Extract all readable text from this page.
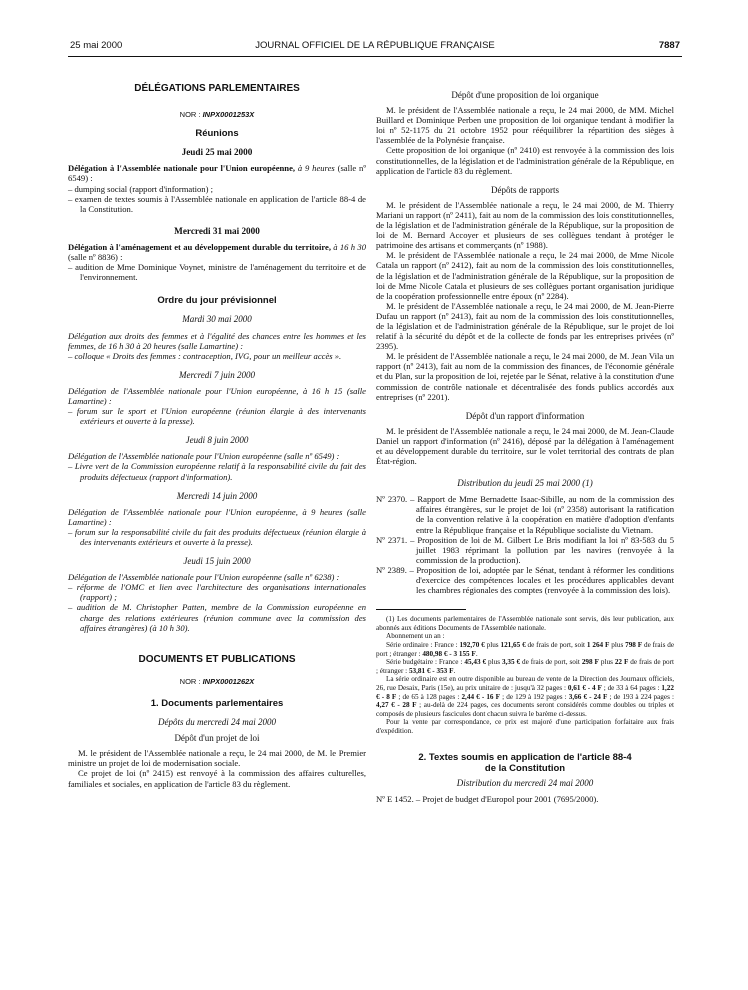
25 mai 2000	JOURNAL OFFICIEL DE LA RÉPUBLIQUE FRANÇAISE	7887
DÉLÉGATIONS PARLEMENTAIRES
NOR : INPX0001253X
Réunions
Jeudi 25 mai 2000

Délégation à l'Assemblée nationale pour l'Union européenne, à 9 heures (salle nº 6549) :

– dumping social (rapport d'information) ;

– examen de textes soumis à l'Assemblée nationale en application de l'article 88-4 de la Constitution.

Mercredi 31 mai 2000

Délégation à l'aménagement et au développement durable du territoire, à 16 h 30 (salle nº 8836) :

– audition de Mme Dominique Voynet, ministre de l'aménagement du territoire et de l'environnement.

Ordre du jour prévisionnel
Mardi 30 mai 2000

Délégation aux droits des femmes et à l'égalité des chances entre les hommes et les femmes, de 16 h 30 à 20 heures (salle Lamartine) :

– colloque « Droits des femmes : contraception, IVG, pour un meilleur accès ».

Mercredi 7 juin 2000

Délégation de l'Assemblée nationale pour l'Union européenne, à 16 h 15 (salle Lamartine) :

– forum sur le sport et l'Union européenne (réunion élargie à des intervenants extérieurs et ouverte à la presse).

Jeudi 8 juin 2000

Délégation de l'Assemblée nationale pour l'Union européenne (salle nº 6549) :

– Livre vert de la Commission européenne relatif à la responsabilité civile du fait des produits défectueux (rapport d'information).

Mercredi 14 juin 2000

Délégation de l'Assemblée nationale pour l'Union européenne, à 9 heures (salle Lamartine) :

– forum sur la responsabilité civile du fait des produits défectueux (réunion élargie à des intervenants extérieurs et ouverte à la presse).

Jeudi 15 juin 2000

Délégation de l'Assemblée nationale pour l'Union européenne (salle nº 6238) :

– réforme de l'OMC et lien avec l'architecture des organisations internationales (rapport) ;

– audition de M. Christopher Patten, membre de la Commission européenne en charge des relations extérieures (réunion commune avec la commission des affaires étrangères) (à 10 h 30).

DOCUMENTS ET PUBLICATIONS
NOR : INPX0001262X
1. Documents parlementaires
Dépôts du mercredi 24 mai 2000
Dépôt d'un projet de loi

M. le président de l'Assemblée nationale a reçu, le 24 mai 2000, de M. le Premier ministre un projet de loi de modernisation sociale.

Ce projet de loi (nº 2415) est renvoyé à la commission des affaires culturelles, familiales et sociales, en application de l'article 83 du règlement.

Dépôt d'une proposition de loi organique

M. le président de l'Assemblée nationale a reçu, le 24 mai 2000, de MM. Michel Buillard et Dominique Perben une proposition de loi organique tendant à modifier la loi nº 52-1175 du 21 octobre 1952 pour rééquilibrer la répartition des sièges à l'assemblée de la Polynésie française.

Cette proposition de loi organique (nº 2410) est renvoyée à la commission des lois constitutionnelles, de la législation et de l'administration générale de la République, en application de l'article 83 du règlement.

Dépôts de rapports

M. le président de l'Assemblée nationale a reçu, le 24 mai 2000, de M. Thierry Mariani un rapport (nº 2411), fait au nom de la commission des lois constitutionnelles, de la législation et de l'administration générale de la République, sur la proposition de loi de M. Bernard Accoyer et plusieurs de ses collègues tendant à protéger le patrimoine des artisans et commerçants (nº 1988).

M. le président de l'Assemblée nationale a reçu, le 24 mai 2000, de Mme Nicole Catala un rapport (nº 2412), fait au nom de la commission des lois constitutionnelles, de la législation et de l'administration générale de la République, sur la proposition de loi de Mme Nicole Catala et plusieurs de ses collègues portant organisation juridique de la coopération professionnelle entre époux (nº 2284).

M. le président de l'Assemblée nationale a reçu, le 24 mai 2000, de M. Jean-Pierre Dufau un rapport (nº 2413), fait au nom de la commission des lois constitutionnelles, de la législation et de l'administration générale de la République, sur le projet de loi relatif à la sécurité du dépôt et de la collecte de fonds par les entreprises privées (nº 2395).

M. le président de l'Assemblée nationale a reçu, le 24 mai 2000, de M. Jean Vila un rapport (nº 2413), fait au nom de la commission des finances, de l'économie générale et du Plan, sur la proposition de loi, rejetée par le Sénat, relative à la constitution d'une commission de contrôle nationale et décentralisée des fonds publics accordés aux entreprises (nº 2201).

Dépôt d'un rapport d'information

M. le président de l'Assemblée nationale a reçu, le 24 mai 2000, de M. Jean-Claude Daniel un rapport d'information (nº 2416), déposé par la délégation à l'aménagement et au développement durable du territoire, sur le volet territorial des contrats de plan État-région.

Distribution du jeudi 25 mai 2000 (1)

Nº 2370. – Rapport de Mme Bernadette Isaac-Sibille, au nom de la commission des affaires étrangères, sur le projet de loi (nº 2358) autorisant la ratification de la convention relative à la coopération en matière d'adoption d'enfants entre la République française et la République socialiste du Vietnam.

Nº 2371. – Proposition de loi de M. Gilbert Le Bris modifiant la loi nº 83-583 du 5 juillet 1983 réprimant la pollution par les navires (renvoyée à la commission de la production).

Nº 2389. – Proposition de loi, adoptée par le Sénat, tendant à réformer les conditions d'exercice des compétences locales et les procédures applicables devant les chambres régionales des comptes (renvoyée à la commission des lois).

(1) Les documents parlementaires de l'Assemblée nationale sont servis, dès leur publication, aux abonnés aux éditions Documents de l'Assemblée nationale.

Abonnement un an :

Série ordinaire : France : 192,70 € plus 121,65 € de frais de port, soit 1 264 F plus 798 F de frais de port ; étranger : 480,98 € - 3 155 F.

Série budgétaire : France : 45,43 € plus 3,35 € de frais de port, soit 298 F plus 22 F de frais de port ; étranger : 53,81 € - 353 F.

La série ordinaire est en outre disponible au bureau de vente de la Direction des Journaux officiels, 26, rue Desaix, Paris (15e), au prix unitaire de : jusqu'à 32 pages : 0,61 € - 4 F ; de 33 à 64 pages : 1,22 € - 8 F ; de 65 à 128 pages : 2,44 € - 16 F ; de 129 à 192 pages : 3,66 € - 24 F ; de 193 à 224 pages : 4,27 € - 28 F ; au-delà de 224 pages, ces documents seront considérés comme doubles ou triples et composés de plusieurs fascicules dont chacun suivra le barème ci-dessus.

Pour la vente par correspondance, ce prix est majoré d'une participation forfaitaire aux frais d'expédition.

2. Textes soumis en application de l'article 88-4
de la Constitution
Distribution du mercredi 24 mai 2000

Nº E 1452. – Projet de budget d'Europol pour 2001 (7695/2000).
